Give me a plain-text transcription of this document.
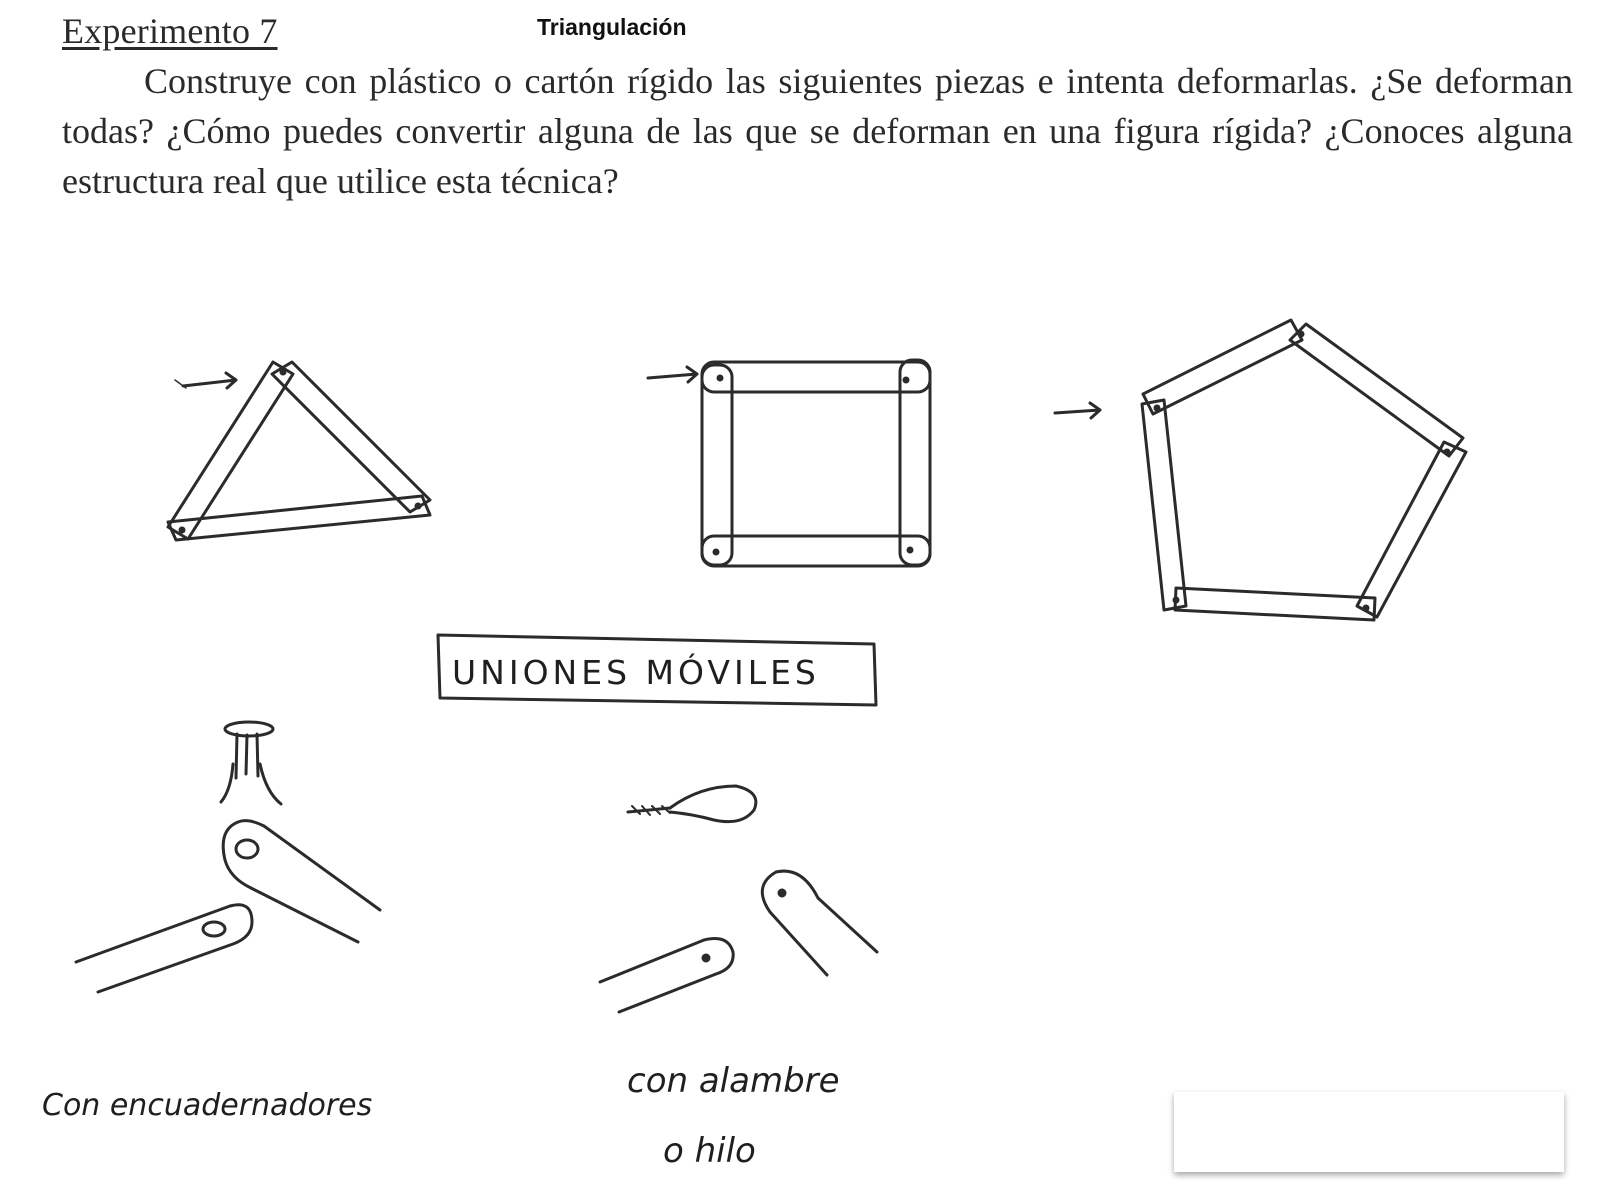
Experimento 7	Triangulación
Construye con plástico o cartón rígido las siguientes piezas e intenta deformarlas. ¿Se deforman todas? ¿Cómo puedes convertir alguna de las que se deforman en una figura rígida? ¿Conoces alguna estructura real que utilice esta técnica?
UNIONES MÓVILES
Con encuadernadores
con alambre
o hilo
